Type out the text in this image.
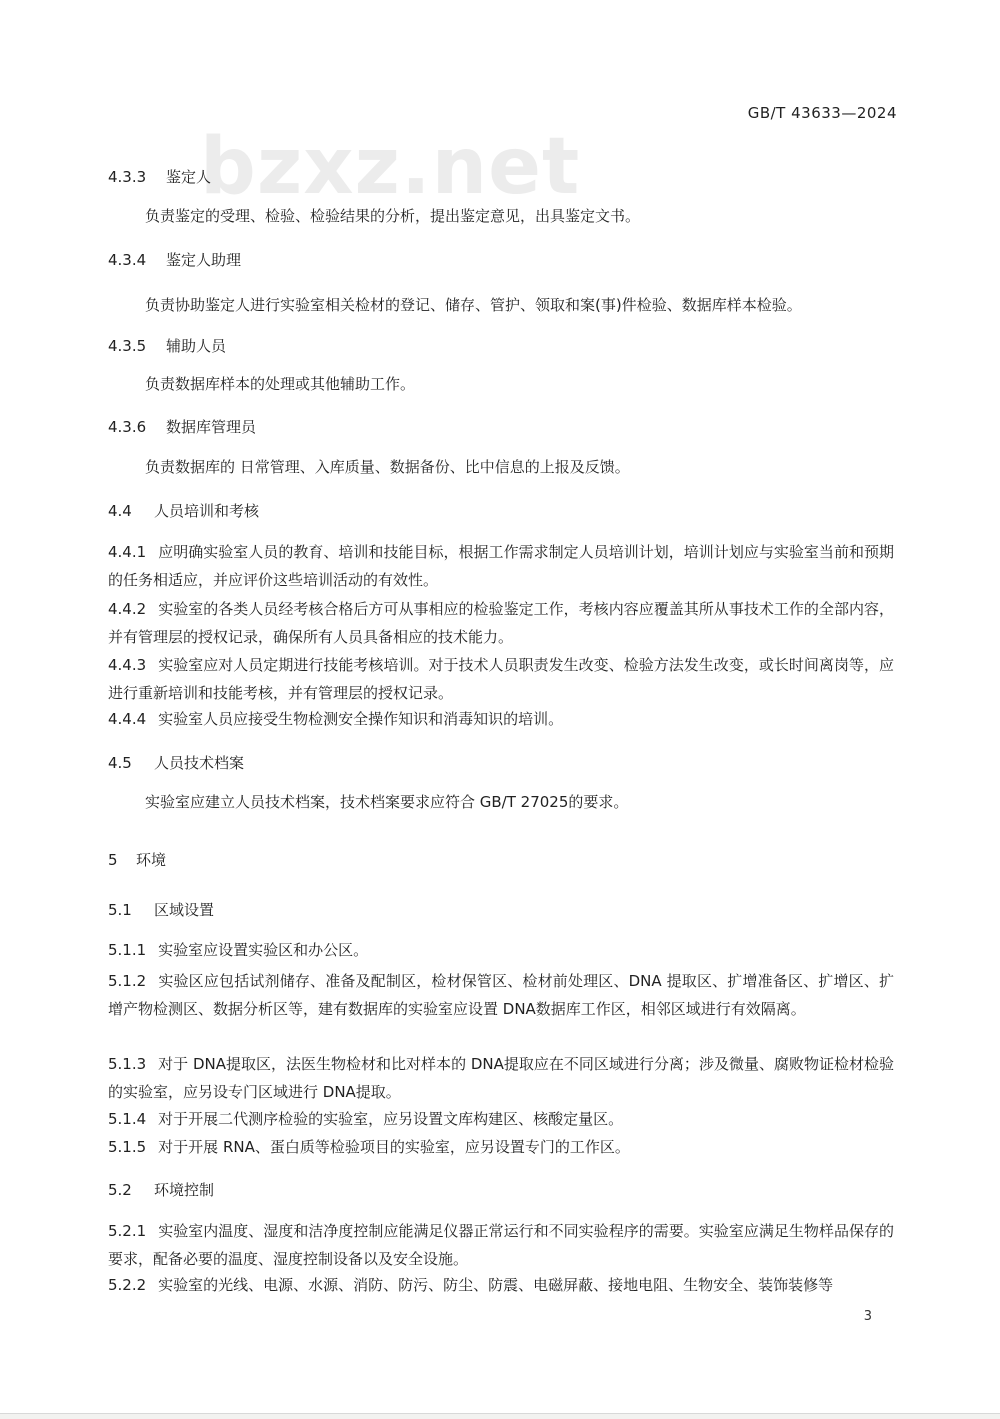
GB/T 43633—2024
bzxz.net
4.3.3 鉴定人
负责鉴定的受理、检验、检验结果的分析，提出鉴定意见，出具鉴定文书。
4.3.4 鉴定人助理
负责协助鉴定人进行实验室相关检材的登记、储存、管护、领取和案(事)件检验、数据库样本检验。
4.3.5 辅助人员
负责数据库样本的处理或其他辅助工作。
4.3.6 数据库管理员
负责数据库的 日常管理、入库质量、数据备份、比中信息的上报及反馈。
4.4 人员培训和考核
4.4.1 应明确实验室人员的教育、培训和技能目标，根据工作需求制定人员培训计划，培训计划应与实验室当前和预期的任务相适应，并应评价这些培训活动的有效性。
4.4.2 实验室的各类人员经考核合格后方可从事相应的检验鉴定工作，考核内容应覆盖其所从事技术工作的全部内容，并有管理层的授权记录，确保所有人员具备相应的技术能力。
4.4.3 实验室应对人员定期进行技能考核培训。对于技术人员职责发生改变、检验方法发生改变，或长时间离岗等，应进行重新培训和技能考核，并有管理层的授权记录。
4.4.4 实验室人员应接受生物检测安全操作知识和消毒知识的培训。
4.5 人员技术档案
实验室应建立人员技术档案，技术档案要求应符合 GB/T 27025的要求。
5 环境
5.1 区域设置
5.1.1 实验室应设置实验区和办公区。
5.1.2 实验区应包括试剂储存、准备及配制区，检材保管区、检材前处理区、DNA 提取区、扩增准备区、扩增区、扩增产物检测区、数据分析区等，建有数据库的实验室应设置 DNA数据库工作区，相邻区域进行有效隔离。
5.1.3 对于 DNA提取区，法医生物检材和比对样本的 DNA提取应在不同区域进行分离；涉及微量、腐败物证检材检验的实验室，应另设专门区域进行 DNA提取。
5.1.4 对于开展二代测序检验的实验室，应另设置文库构建区、核酸定量区。
5.1.5 对于开展 RNA、蛋白质等检验项目的实验室，应另设置专门的工作区。
5.2 环境控制
5.2.1 实验室内温度、湿度和洁净度控制应能满足仪器正常运行和不同实验程序的需要。实验室应满足生物样品保存的要求，配备必要的温度、湿度控制设备以及安全设施。
5.2.2 实验室的光线、电源、水源、消防、防污、防尘、防震、电磁屏蔽、接地电阻、生物安全、装饰装修等
3
